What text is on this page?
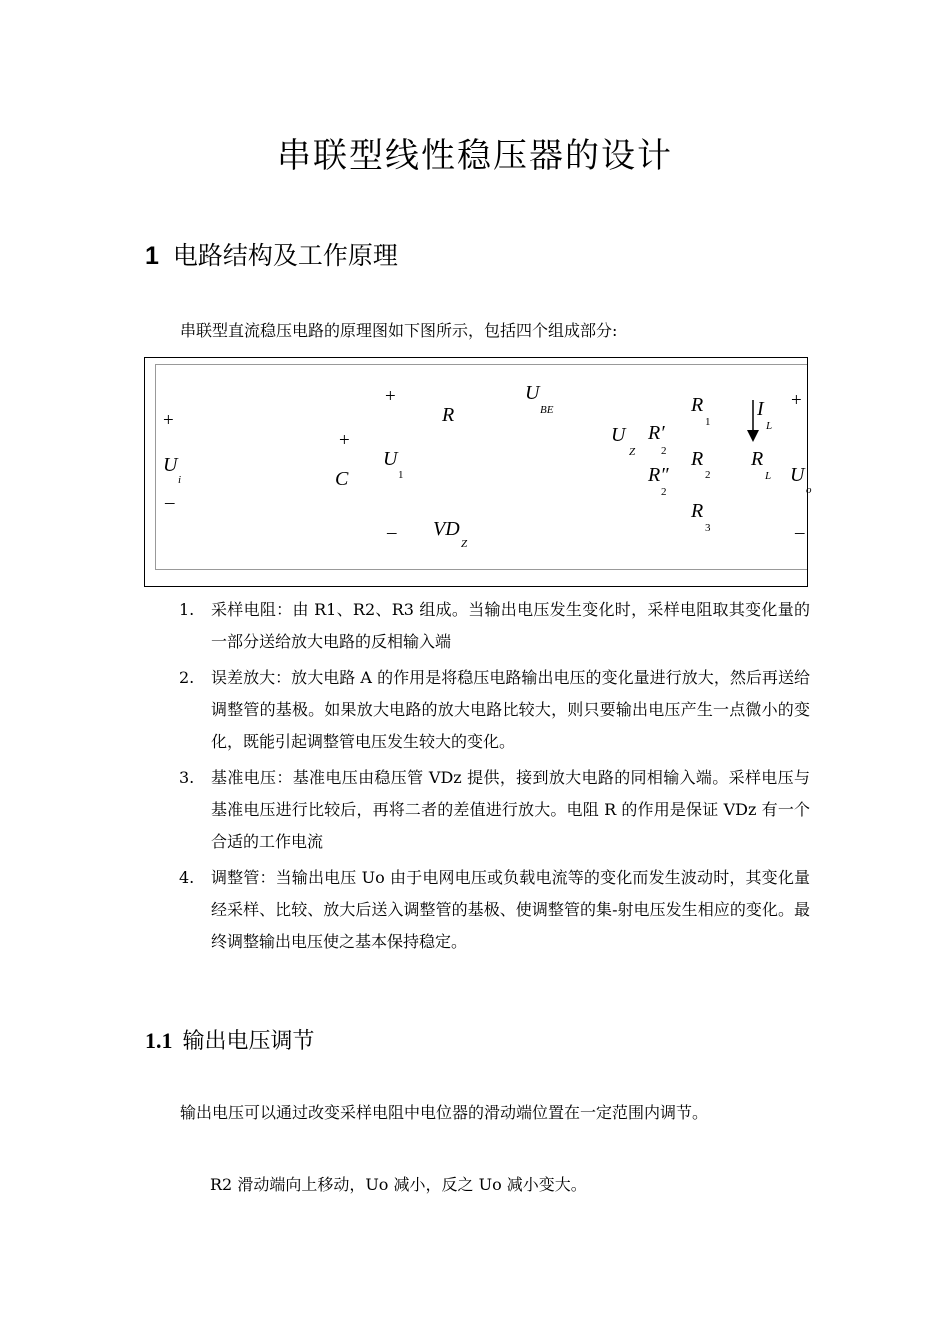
串联型线性稳压器的设计
1 电路结构及工作原理
串联型直流稳压电路的原理图如下图所示，包括四个组成部分:
+
U
i
–
+
C
+
U
1
–
R
VD
Z
U
BE
U
Z
R′
2
R″
2
R
1
R
2
R
3
I
L
R
L
+
U
o
–
1. 采样电阻：由 R1、R2、R3 组成。当输出电压发生变化时，采样电阻取其变化量的一部分送给放大电路的反相输入端
2. 误差放大：放大电路 A 的作用是将稳压电路输出电压的变化量进行放大，然后再送给调整管的基极。如果放大电路的放大电路比较大，则只要输出电压产生一点微小的变化，既能引起调整管电压发生较大的变化。
3. 基准电压：基准电压由稳压管 VDz 提供，接到放大电路的同相输入端。采样电压与基准电压进行比较后，再将二者的差值进行放大。电阻 R 的作用是保证 VDz 有一个合适的工作电流
4. 调整管：当输出电压 Uo 由于电网电压或负载电流等的变化而发生波动时，其变化量经采样、比较、放大后送入调整管的基极、使调整管的集-射电压发生相应的变化。最终调整输出电压使之基本保持稳定。
1.1 输出电压调节
输出电压可以通过改变采样电阻中电位器的滑动端位置在一定范围内调节。
R2 滑动端向上移动，Uo 减小，反之 Uo 减小变大。
